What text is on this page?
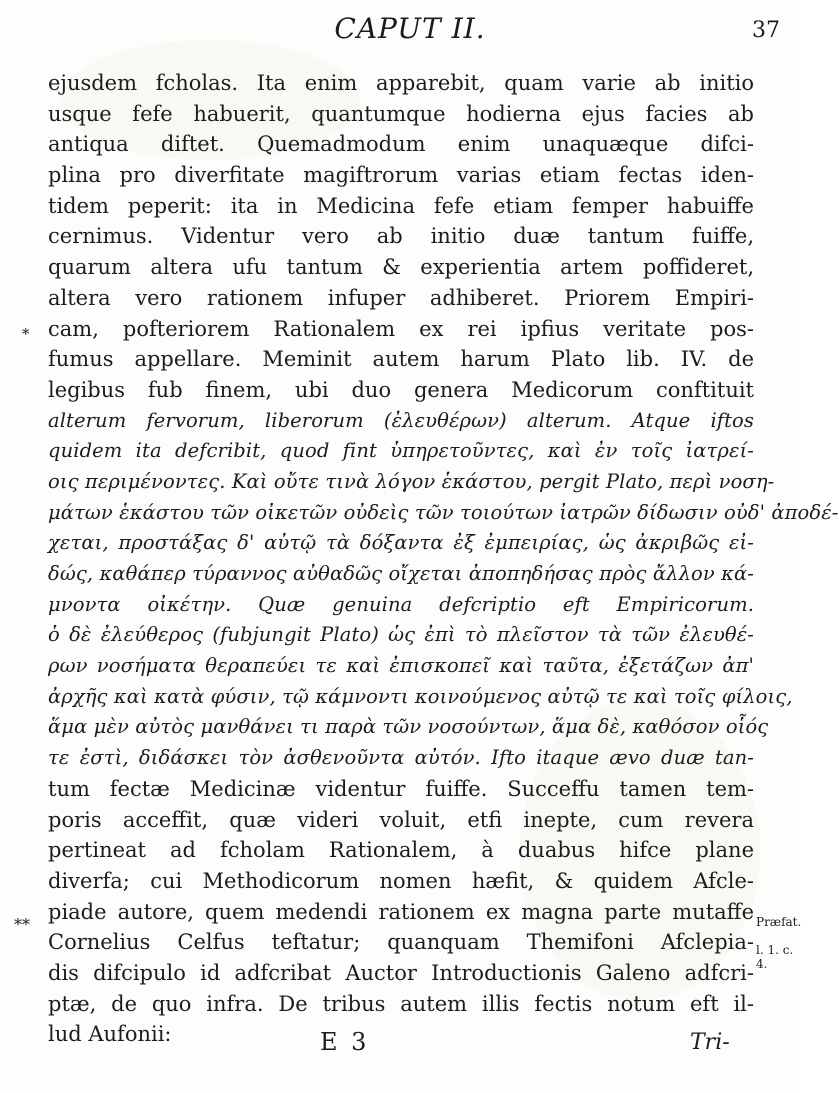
CAPUT II.	37
*
**	Præfat.
l. 1. c. 4.
ejusdem fcholas. Ita enim apparebit, quam varie ab initio
usque fefe habuerit, quantumque hodierna ejus facies ab
antiqua diftet. Quemadmodum enim unaquæque difci-
plina pro diverfitate magiftrorum varias etiam fectas iden-
tidem peperit: ita in Medicina fefe etiam femper habuiffe
cernimus. Videntur vero ab initio duæ tantum fuiffe,
quarum altera ufu tantum & experientia artem poffideret,
altera vero rationem infuper adhiberet. Priorem Empiri-
cam, pofteriorem Rationalem ex rei ipfius veritate pos-
fumus appellare. Meminit autem harum Plato lib. IV. de
legibus fub finem, ubi duo genera Medicorum conftituit
alterum fervorum, liberorum (ἐλευθέρων) alterum. Atque iftos
quidem ita defcribit, quod fint ὑπηρετοῦντες, καὶ ἐν τοῖς ἰατρεί-
οις περιμένοντες. Καὶ οὔτε τινὰ λόγον ἑκάστου, pergit Plato, περὶ νοση-
μάτων ἑκάστου τῶν οἰκετῶν οὐδεὶς τῶν τοιούτων ἰατρῶν δίδωσιν οὐδ' ἀποδέ-
χεται, προστάξας δ' αὐτῷ τὰ δόξαντα ἐξ ἐμπειρίας, ὡς ἀκριβῶς εἰ-
δώς, καθάπερ τύραννος αὐθαδῶς οἴχεται ἀποπηδήσας πρὸς ἄλλον κά-
μνοντα οἰκέτην. Quæ genuina defcriptio eft Empiricorum.
ὁ δὲ ἐλεύθερος (fubjungit Plato) ὡς ἐπὶ τὸ πλεῖστον τὰ τῶν ἐλευθέ-
ρων νοσήματα θεραπεύει τε καὶ ἐπισκοπεῖ καὶ ταῦτα, ἐξετάζων ἀπ'
ἀρχῆς καὶ κατὰ φύσιν, τῷ κάμνοντι κοινούμενος αὐτῷ τε καὶ τοῖς φίλοις,
ἅμα μὲν αὐτὸς μανθάνει τι παρὰ τῶν νοσούντων, ἅμα δὲ, καθόσον οἷός
τε ἐστὶ, διδάσκει τὸν ἀσθενοῦντα αὐτόν. Ifto itaque ævo duæ tan-
tum fectæ Medicinæ videntur fuiffe. Succeffu tamen tem-
poris acceffit, quæ videri voluit, etfi inepte, cum revera
pertineat ad fcholam Rationalem, à duabus hifce plane
diverfa; cui Methodicorum nomen hæfit, & quidem Afcle-
piade autore, quem medendi rationem ex magna parte mutaffe
Cornelius Celfus teftatur; quanquam Themifoni Afclepia-
dis difcipulo id adfcribat Auctor Introductionis Galeno adfcri-
ptæ, de quo infra. De tribus autem illis fectis notum eft il-
lud Aufonii:	E 3	Tri-
